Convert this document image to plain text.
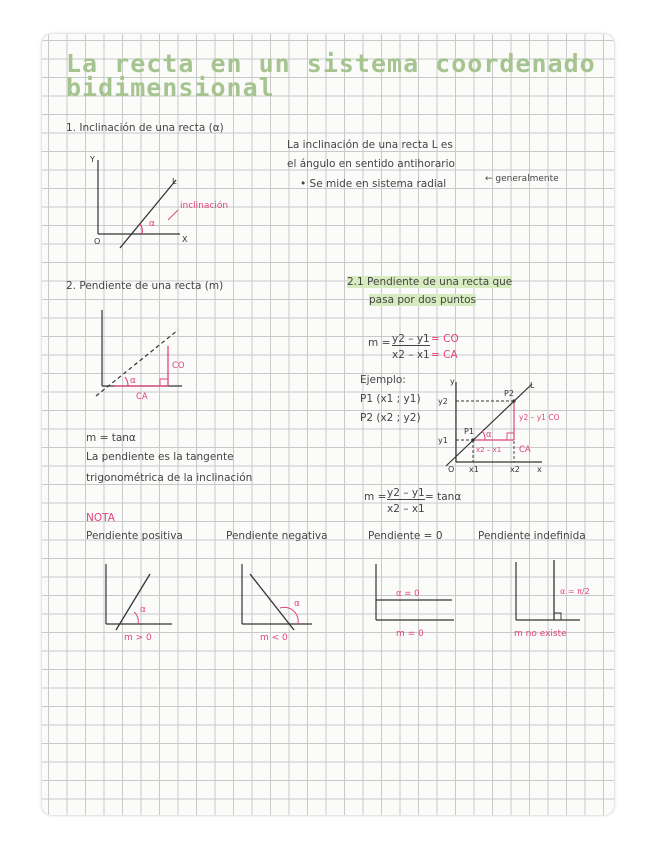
La recta en un sistema coordenado
bidimensional
1. Inclinación de una recta (α)
La inclinación de una recta L es
el ángulo en sentido antihorario
• Se mide en sistema radial	← generalmente
Y
X
O
L
α
inclinación
2. Pendiente de una recta (m)
α
CO
CA
m = tanα
La pendiente es la tangente
trigonométrica de la inclinación
2.1 Pendiente de una recta que
pasa por dos puntos
m = y2 – y1
x2 – x1
= CO
= CA
Ejemplo:
P1 (x1 ; y1)
P2 (x2 ; y2)
y
x
O
y2
y1
x1	x2
P1
P2
L
α
y2 – y1 CO
x2 – x1 CA
m = y2 – y1
x2 – x1
= tanα
NOTA
Pendiente positiva	Pendiente negativa	Pendiente = 0	Pendiente indefinida
α
m > 0
α
m < 0
α = 0
m = 0
α = π/2
m no existe
